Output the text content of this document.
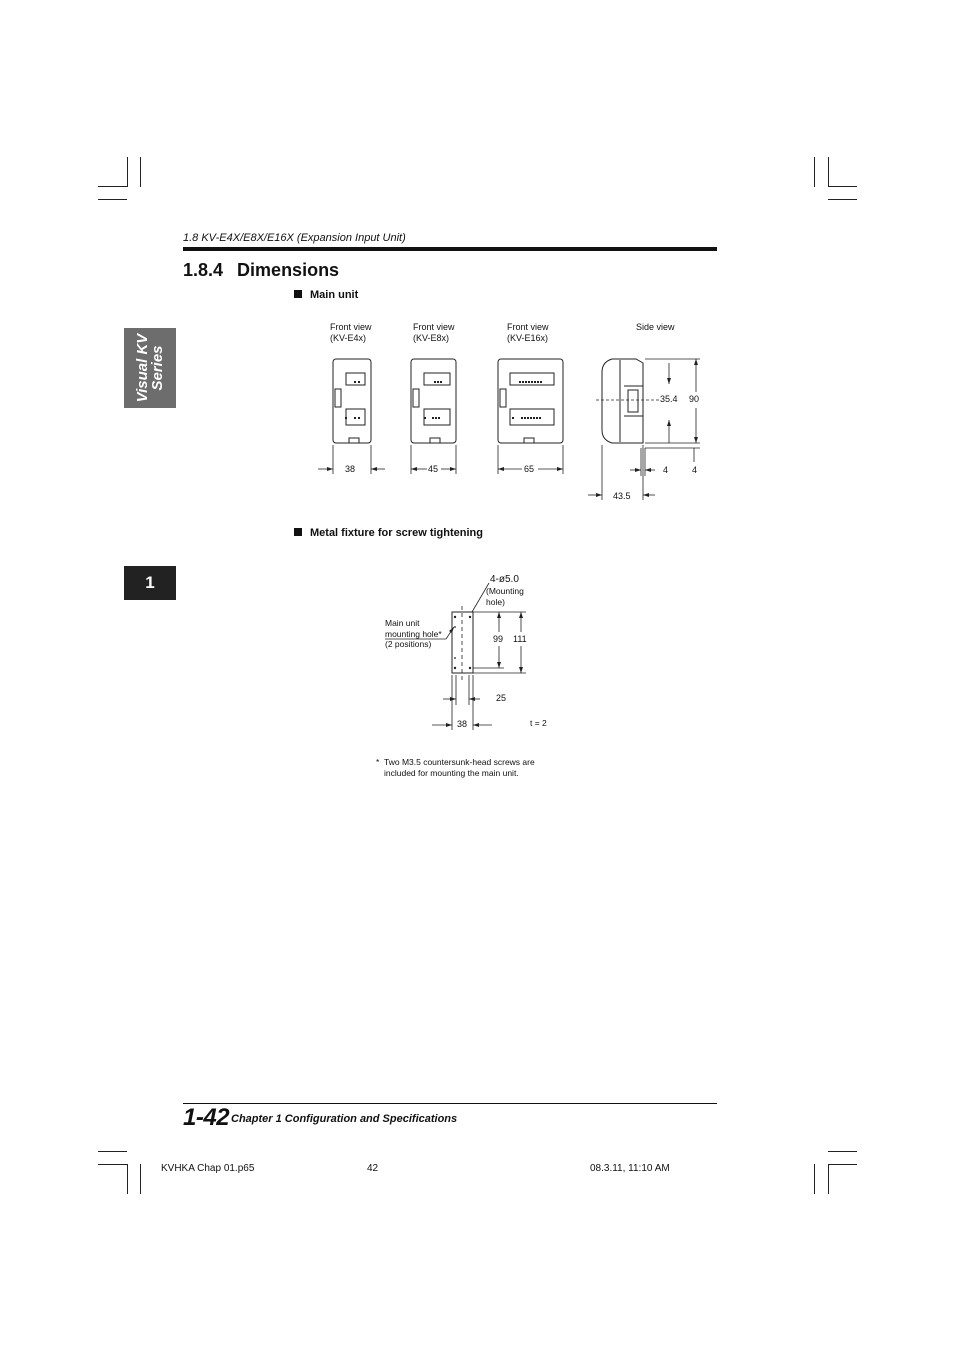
1.8 KV-E4X/E8X/E16X (Expansion Input Unit)
1.8.4 Dimensions
Visual KV
Series
1
Main unit
Front view
(KV-E4x)
Front view
(KV-E8x)
Front view
(KV-E16x)
Side view
38	45	65
35.4 90
4	4
43.5
Metal fixture for screw tightening
4-ø5.0
(Mounting
hole)
Main unit
mounting hole*
(2 positions)	99 111
25
38	t = 2
* Two M3.5 countersunk-head screws are
included for mounting the main unit.
1-42 Chapter 1 Configuration and Specifications
KVHKA Chap 01.p65	42	08.3.11, 11:10 AM
